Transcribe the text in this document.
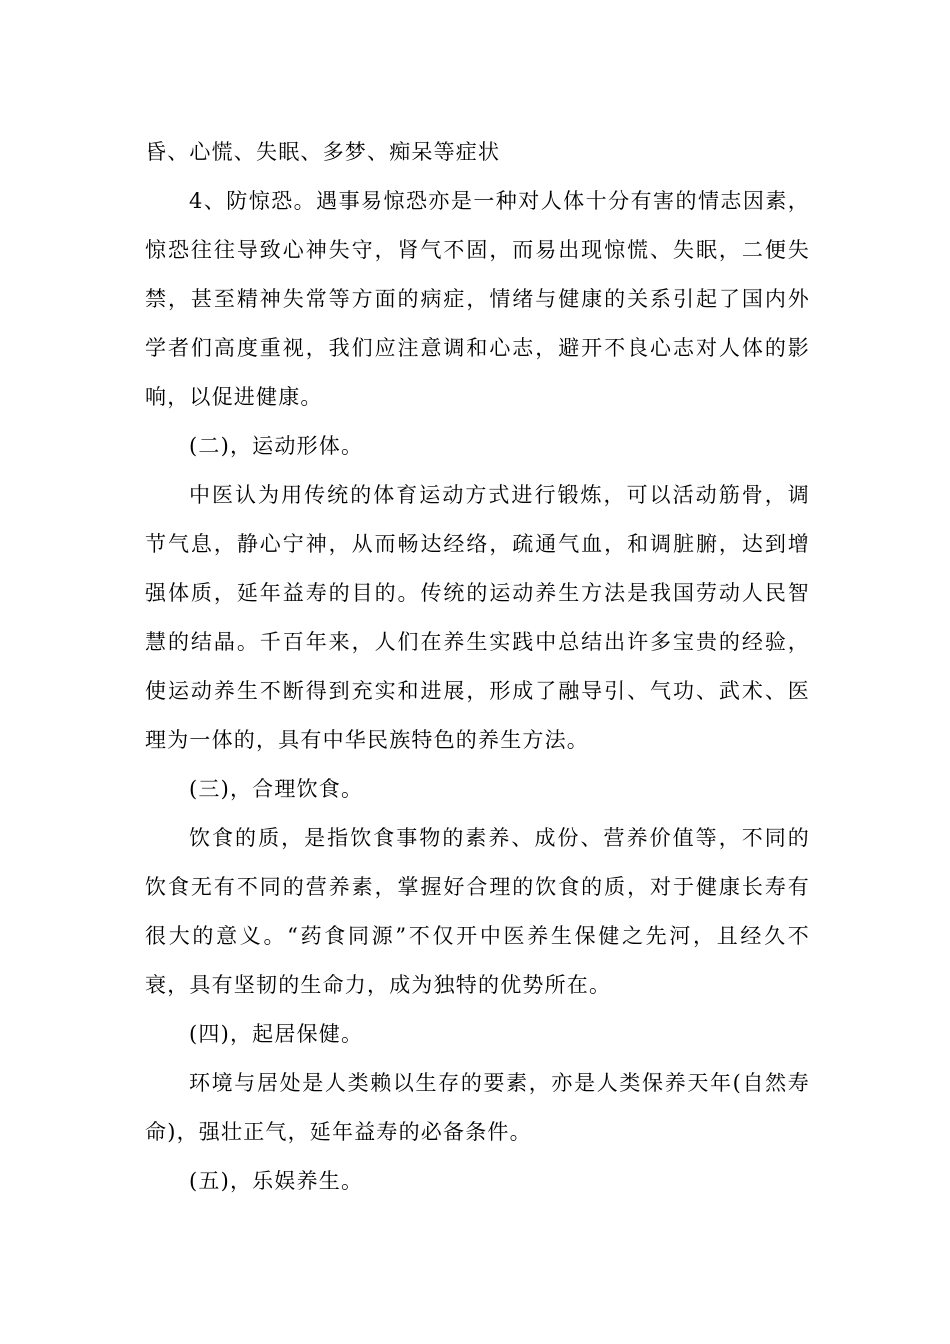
昏、心慌、失眠、多梦、痴呆等症状

4、防惊恐。遇事易惊恐亦是一种对人体十分有害的情志因素，惊恐往往导致心神失守，肾气不固，而易出现惊慌、失眠，二便失禁，甚至精神失常等方面的病症，情绪与健康的关系引起了国内外学者们高度重视，我们应注意调和心志，避开不良心志对人体的影响，以促进健康。

(二)，运动形体。

中医认为用传统的体育运动方式进行锻炼，可以活动筋骨，调节气息，静心宁神，从而畅达经络，疏通气血，和调脏腑，达到增强体质，延年益寿的目的。传统的运动养生方法是我国劳动人民智慧的结晶。千百年来，人们在养生实践中总结出许多宝贵的经验，使运动养生不断得到充实和进展，形成了融导引、气功、武术、医理为一体的，具有中华民族特色的养生方法。

(三)，合理饮食。

饮食的质，是指饮食事物的素养、成份、营养价值等，不同的饮食无有不同的营养素，掌握好合理的饮食的质，对于健康长寿有很大的意义。“药食同源”不仅开中医养生保健之先河，且经久不衰，具有坚韧的生命力，成为独特的优势所在。

(四)，起居保健。

环境与居处是人类赖以生存的要素，亦是人类保养天年(自然寿命)，强壮正气，延年益寿的必备条件。

(五)，乐娱养生。
